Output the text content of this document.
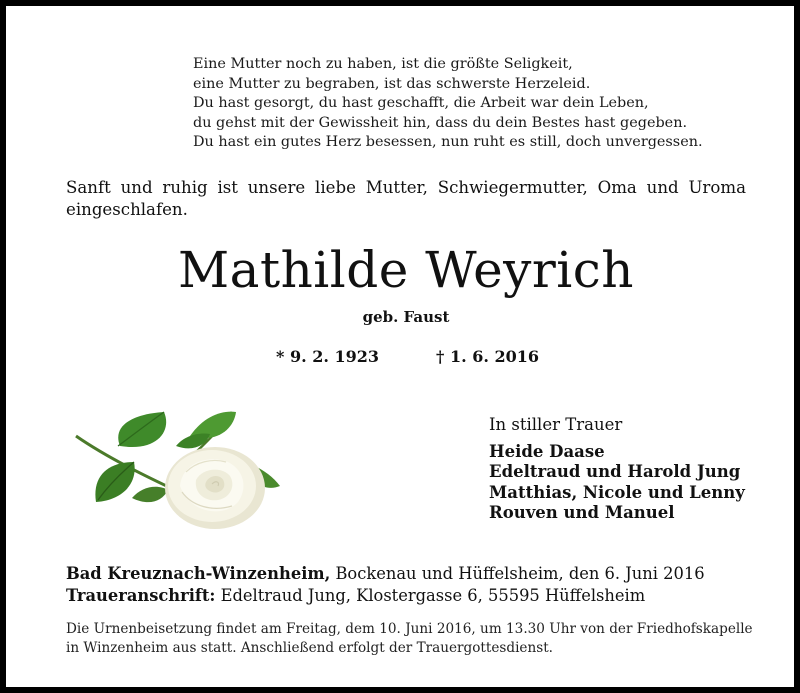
Eine Mutter noch zu haben, ist die größte Seligkeit,
eine Mutter zu begraben, ist das schwerste Herzeleid.
Du hast gesorgt, du hast geschafft, die Arbeit war dein Leben,
du gehst mit der Gewissheit hin, dass du dein Bestes hast gegeben.
Du hast ein gutes Herz besessen, nun ruht es still, doch unvergessen.
Sanft und ruhig ist unsere liebe Mutter, Schwiegermutter, Oma und Uroma eingeschlafen.
Mathilde Weyrich
geb. Faust
* 9. 2. 1923	† 1. 6. 2016
In stiller Trauer
Heide Daase
Edeltraud und Harold Jung
Matthias, Nicole und Lenny
Rouven und Manuel
Bad Kreuznach-Winzenheim, Bockenau und Hüffelsheim, den 6. Juni 2016
Traueranschrift: Edeltraud Jung, Klostergasse 6, 55595 Hüffelsheim
Die Urnenbeisetzung findet am Freitag, dem 10. Juni 2016, um 13.30 Uhr von der Friedhofskapelle in Winzenheim aus statt. Anschließend erfolgt der Trauergottesdienst.
